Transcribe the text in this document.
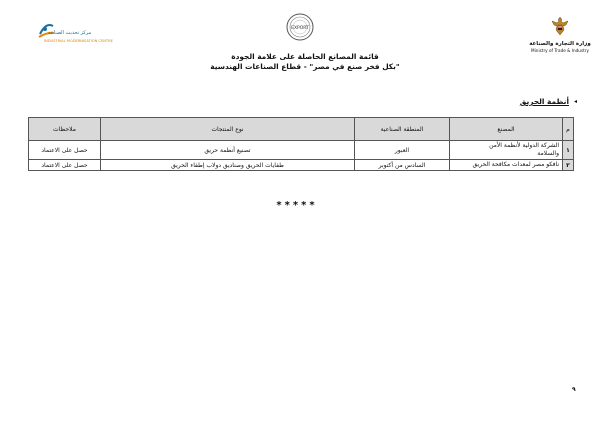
وزارة التجارة والصناعة
Ministry of Trade & Industry
EXPORT
مركز تحديث الصناعة
INDUSTRIAL MODERNISATION CENTRE
قائمة المصانع الحاصلة على علامة الجودة
"بكل فخر صنع في مصر" - قطاع الصناعات الهندسية
◂
أنظمة الحريق
م	المصنع	المنطقة الصناعية	نوع المنتجات	ملاحظات
١	الشركة الدولية لأنظمة الأمن
والسلامة	العبور	تصنيع أنظمة حريق	حصل على الاعتماد
٢	نافكو مصر لمعدات مكافحة الحريق	السادس من أكتوبر	طفايات الحريق وصناديق دولاب إطفاء الحريق	حصل على الاعتماد
*****
٩
